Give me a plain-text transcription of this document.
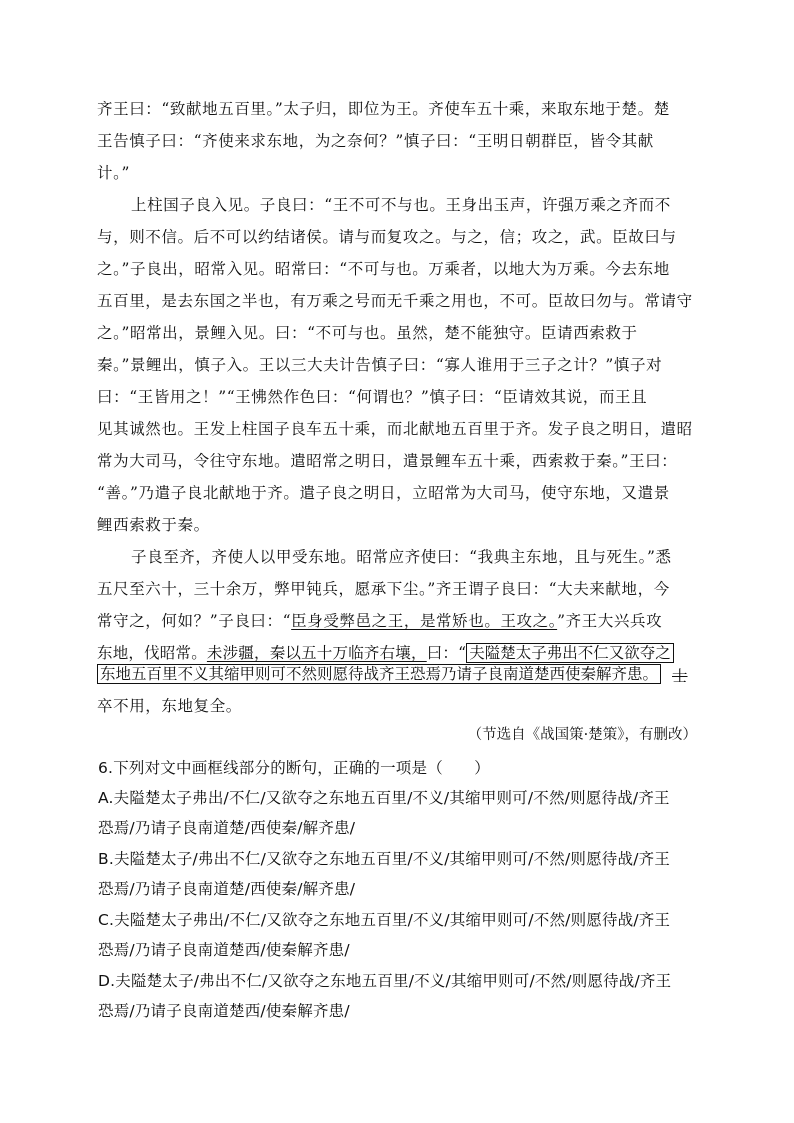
齐王曰：“致献地五百里。”太子归，即位为王。齐使车五十乘，来取东地于楚。楚
王告慎子曰：“齐使来求东地，为之奈何？”慎子曰：“王明日朝群臣，皆令其献
计。”
上柱国子良入见。子良曰：“王不可不与也。王身出玉声，许强万乘之齐而不
与，则不信。后不可以约结诸侯。请与而复攻之。与之，信；攻之，武。臣故曰与
之。”子良出，昭常入见。昭常曰：“不可与也。万乘者，以地大为万乘。今去东地
五百里，是去东国之半也，有万乘之号而无千乘之用也，不可。臣故曰勿与。常请守
之。”昭常出，景鲤入见。曰：“不可与也。虽然，楚不能独守。臣请西索救于
秦。”景鲤出，慎子入。王以三大夫计告慎子曰：“寡人谁用于三子之计？”慎子对
曰：“王皆用之！”“王怫然作色曰：“何谓也？”慎子曰：“臣请效其说，而王且
见其诚然也。王发上柱国子良车五十乘，而北献地五百里于齐。发子良之明日，遣昭
常为大司马，令往守东地。遣昭常之明日，遣景鲤车五十乘，西索救于秦。”王曰：
“善。”乃遣子良北献地于齐。遣子良之明日，立昭常为大司马，使守东地，又遣景
鲤西索救于秦。
子良至齐，齐使人以甲受东地。昭常应齐使曰：“我典主东地，且与死生。”悉
五尺至六十，三十余万，弊甲钝兵，愿承下尘。”齐王谓子良曰：“大夫来献地，今
常守之，何如？”子良曰：“臣身受弊邑之王，是常矫也。王攻之。”齐王大兴兵攻
东地，伐昭常。未涉疆，秦以五十万临齐右壤，曰：“ 夫隘楚太子弗出不仁又欲夺之
东地五百里不义其缩甲则可不然则愿待战齐王恐焉乃请子良南道楚西使秦解齐患。 士
卒不用，东地复全。
（节选自《战国策·楚策》，有删改）
6.下列对文中画框线部分的断句，正确的一项是（　　）
A.夫隘楚太子弗出/不仁/又欲夺之东地五百里/不义/其缩甲则可/不然/则愿待战/齐王
恐焉/乃请子良南道楚/西使秦/解齐患/
B.夫隘楚太子/弗出不仁/又欲夺之东地五百里/不义/其缩甲则可/不然/则愿待战/齐王
恐焉/乃请子良南道楚/西使秦/解齐患/
C.夫隘楚太子弗出/不仁/又欲夺之东地五百里/不义/其缩甲则可/不然/则愿待战/齐王
恐焉/乃请子良南道楚西/使秦解齐患/
D.夫隘楚太子/弗出不仁/又欲夺之东地五百里/不义/其缩甲则可/不然/则愿待战/齐王
恐焉/乃请子良南道楚西/使秦解齐患/
